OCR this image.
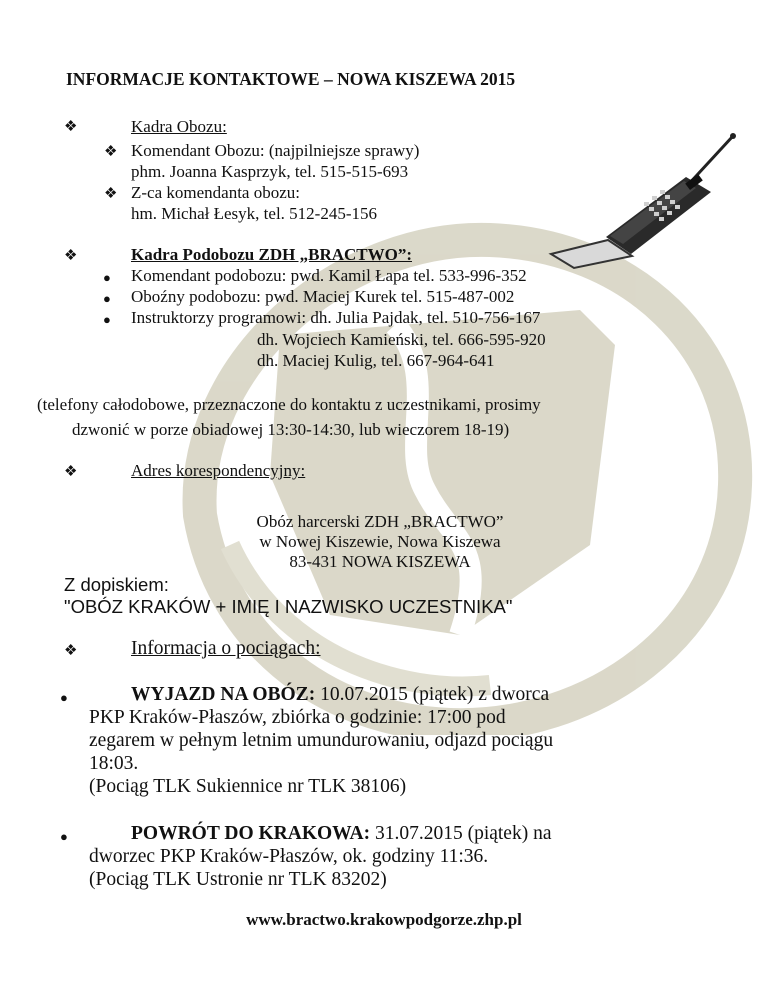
INFORMACJE KONTAKTOWE – NOWA KISZEWA 2015
❖	Kadra Obozu:
❖ Komendant Obozu: (najpilniejsze sprawy)
phm. Joanna Kasprzyk, tel. 515-515-693
❖ Z-ca komendanta obozu:
hm. Michał Łesyk, tel. 512-245-156
❖	Kadra Podobozu ZDH „BRACTWO”:
● Komendant podobozu: pwd. Kamil Łapa tel. 533-996-352
● Oboźny podobozu: pwd. Maciej Kurek tel. 515-487-002
● Instruktorzy programowi: dh. Julia Pajdak, tel. 510-756-167
dh. Wojciech Kamieński, tel. 666-595-920
dh. Maciej Kulig, tel. 667-964-641
(telefony całodobowe, przeznaczone do kontaktu z uczestnikami, prosimy
dzwonić w porze obiadowej 13:30-14:30, lub wieczorem 18-19)
❖	Adres korespondencyjny:
Obóz harcerski ZDH „BRACTWO”
w Nowej Kiszewie, Nowa Kiszewa
83-431 NOWA KISZEWA
Z dopiskiem:
"OBÓZ KRAKÓW + IMIĘ I NAZWISKO UCZESTNIKA"
❖	Informacja o pociągach:
●	WYJAZD NA OBÓZ: 10.07.2015 (piątek) z dworca
PKP Kraków-Płaszów, zbiórka o godzinie: 17:00 pod
zegarem w pełnym letnim umundurowaniu, odjazd pociągu
18:03.
(Pociąg TLK Sukiennice nr TLK 38106)
●	POWRÓT DO KRAKOWA: 31.07.2015 (piątek) na
dworzec PKP Kraków-Płaszów, ok. godziny 11:36.
(Pociąg TLK Ustronie nr TLK 83202)
www.bractwo.krakowpodgorze.zhp.pl
